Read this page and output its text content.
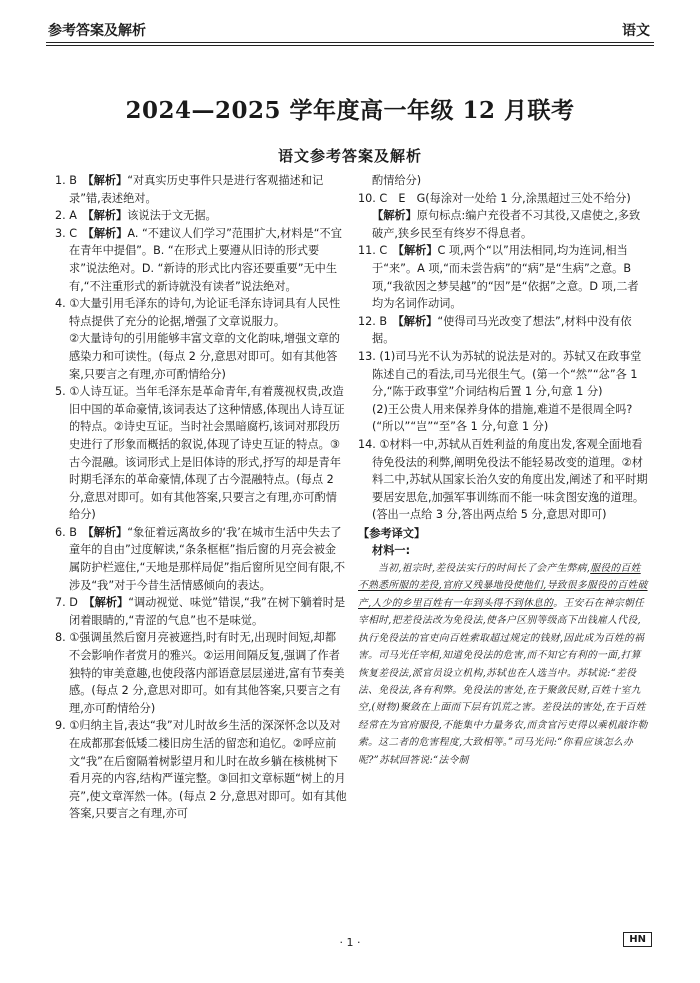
参考答案及解析	语文
2024—2025 学年度高一年级 12 月联考
语文参考答案及解析

1. B　【解析】“对真实历史事件只是进行客观描述和记录”错,表述绝对。

2. A　【解析】该说法于文无据。

3. C　【解析】A. “不建议人们学习”范围扩大,材料是“不宜在青年中提倡”。B. “在形式上要遵从旧诗的形式要求”说法绝对。D. “新诗的形式比内容还要重要”无中生有,“不注重形式的新诗就没有读者”说法绝对。

4. ①大量引用毛泽东的诗句,为论证毛泽东诗词具有人民性特点提供了充分的论据,增强了文章说服力。

②大量诗句的引用能够丰富文章的文化韵味,增强文章的感染力和可读性。(每点 2 分,意思对即可。如有其他答案,只要言之有理,亦可酌情给分)

5. ①人诗互证。当年毛泽东是革命青年,有着蔑视权贵,改造旧中国的革命豪情,该词表达了这种情感,体现出人诗互证的特点。②诗史互证。当时社会黑暗腐朽,该词对那段历史进行了形象而概括的叙说,体现了诗史互证的特点。③古今混融。该词形式上是旧体诗的形式,抒写的却是青年时期毛泽东的革命豪情,体现了古今混融特点。(每点 2 分,意思对即可。如有其他答案,只要言之有理,亦可酌情给分)

6. B　【解析】“象征着远离故乡的‘我’在城市生活中失去了童年的自由”过度解读,“条条框框”指后窗的月亮会被金属防护栏遮住,“天地是那样局促”指后窗所见空间有限,不涉及“我”对于今昔生活情感倾向的表达。

7. D　【解析】“调动视觉、味觉”错误,“我”在树下躺着时是闭着眼睛的,“青涩的气息”也不是味觉。

8. ①强调虽然后窗月亮被遮挡,时有时无,出现时间短,却都不会影响作者赏月的雅兴。②运用间隔反复,强调了作者独特的审美意趣,也使段落内部语意层层递进,富有节奏美感。(每点 2 分,意思对即可。如有其他答案,只要言之有理,亦可酌情给分)

9. ①归纳主旨,表达“我”对儿时故乡生活的深深怀念以及对在成都那套低矮二楼旧房生活的留恋和追忆。②呼应前文“我”在后窗隔着树影望月和儿时在故乡躺在核桃树下看月亮的内容,结构严谨完整。③回扣文章标题“树上的月亮”,使文章浑然一体。(每点 2 分,意思对即可。如有其他答案,只要言之有理,亦可

酌情给分)

10. C　E　G(每涂对一处给 1 分,涂黑超过三处不给分)

【解析】原句标点:编户充役者不习其役,又虐使之,多致破产,狭乡民至有终岁不得息者。

11. C　【解析】C 项,两个“以”用法相同,均为连词,相当于“来”。A 项,“而未尝告病”的“病”是“生病”之意。B 项,“我欲因之梦吴越”的“因”是“依据”之意。D 项,二者均为名词作动词。

12. B　【解析】“使得司马光改变了想法”,材料中没有依据。

13. (1)司马光不认为苏轼的说法是对的。苏轼又在政事堂陈述自己的看法,司马光很生气。(第一个“然”“忿”各 1 分,“陈于政事堂”介词结构后置 1 分,句意 1 分)

(2)王公贵人用来保养身体的措施,难道不是很周全吗?(“所以”“岂”“至”各 1 分,句意 1 分)

14. ①材料一中,苏轼从百姓利益的角度出发,客观全面地看待免役法的利弊,阐明免役法不能轻易改变的道理。②材料二中,苏轼从国家长治久安的角度出发,阐述了和平时期要居安思危,加强军事训练而不能一味贪图安逸的道理。(答出一点给 3 分,答出两点给 5 分,意思对即可)

【参考译文】

材料一:

当初,祖宗时,差役法实行的时间长了会产生弊病,服役的百姓不熟悉所服的差役,官府又残暴地役使他们,导致很多服役的百姓破产,人少的乡里百姓有一年到头得不到休息的。王安石在神宗朝任宰相时,把差役法改为免役法,使各户区别等级高下出钱雇人代役,执行免役法的官吏向百姓索取超过规定的钱财,因此成为百姓的祸害。司马光任宰相,知道免役法的危害,而不知它有利的一面,打算恢复差役法,派官员设立机构,苏轼也在人选当中。苏轼说:“差役法、免役法,各有利弊。免役法的害处,在于聚敛民财,百姓十室九空,(财物)聚敛在上面而下层有饥荒之害。差役法的害处,在于百姓经常在为官府服役,不能集中力量务农,而贪官污吏得以乘机敲诈勒索。这二者的危害程度,大致相等。”司马光问:“你看应该怎么办呢?”苏轼回答说:“法令制

· 1 ·	HN
